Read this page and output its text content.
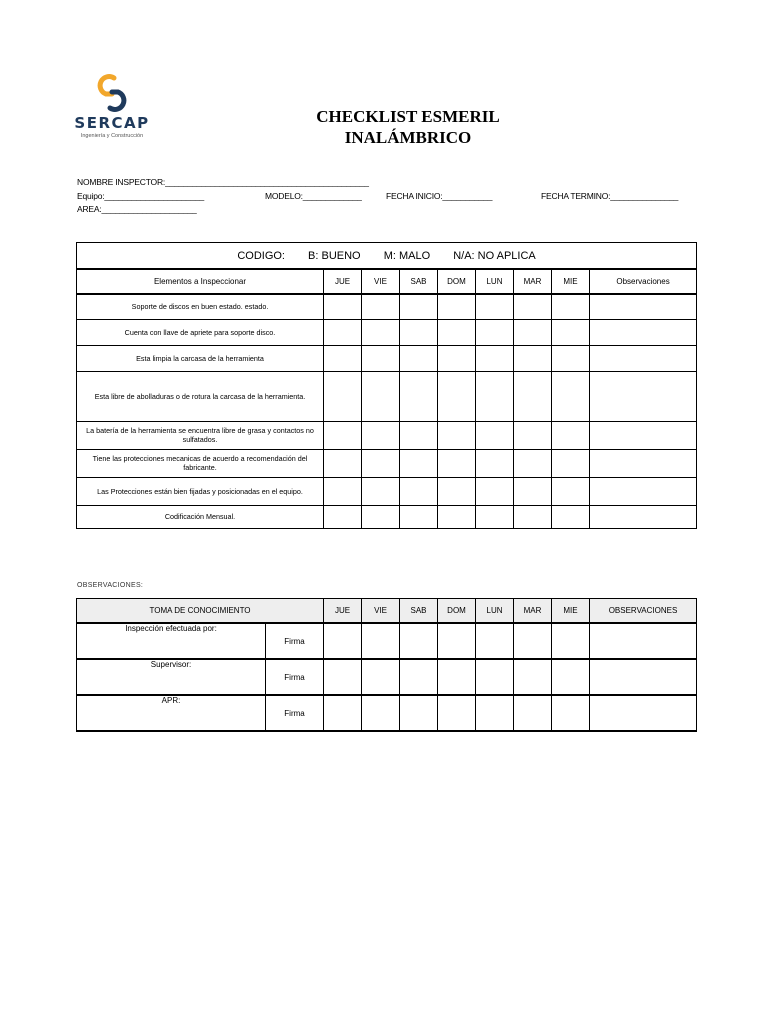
SERCAP
Ingeniería y Construcción
CHECKLIST ESMERIL
INALÁMBRICO
NOMBRE INSPECTOR:_____________________________________________
Equipo:______________________	MODELO:_____________	FECHA INICIO:___________	FECHA TERMINO:_______________
AREA:_____________________
CODIGO: B: BUENO M: MALO N/A: NO APLICA								
Elementos a Inspeccionar	JUE	VIE	SAB	DOM	LUN	MAR	MIE	Observaciones
Soporte de discos en buen estado. estado.								
Cuenta con llave de apriete para soporte disco.								
Esta limpia la carcasa de la herramienta								
Esta libre de abolladuras o de rotura la carcasa de la herramienta.								
La batería de la herramienta se encuentra libre de grasa y contactos no sulfatados.								
Tiene las protecciones mecanicas de acuerdo a recomendación del fabricante.								
Las Protecciones están bien fijadas y posicionadas en el equipo.								
Codificación Mensual.								
OBSERVACIONES:
TOMA DE CONOCIMIENTO		JUE	VIE	SAB	DOM	LUN	MAR	MIE	OBSERVACIONES
Inspección efectuada por:	Firma								
Supervisor:	Firma								
APR:	Firma								
